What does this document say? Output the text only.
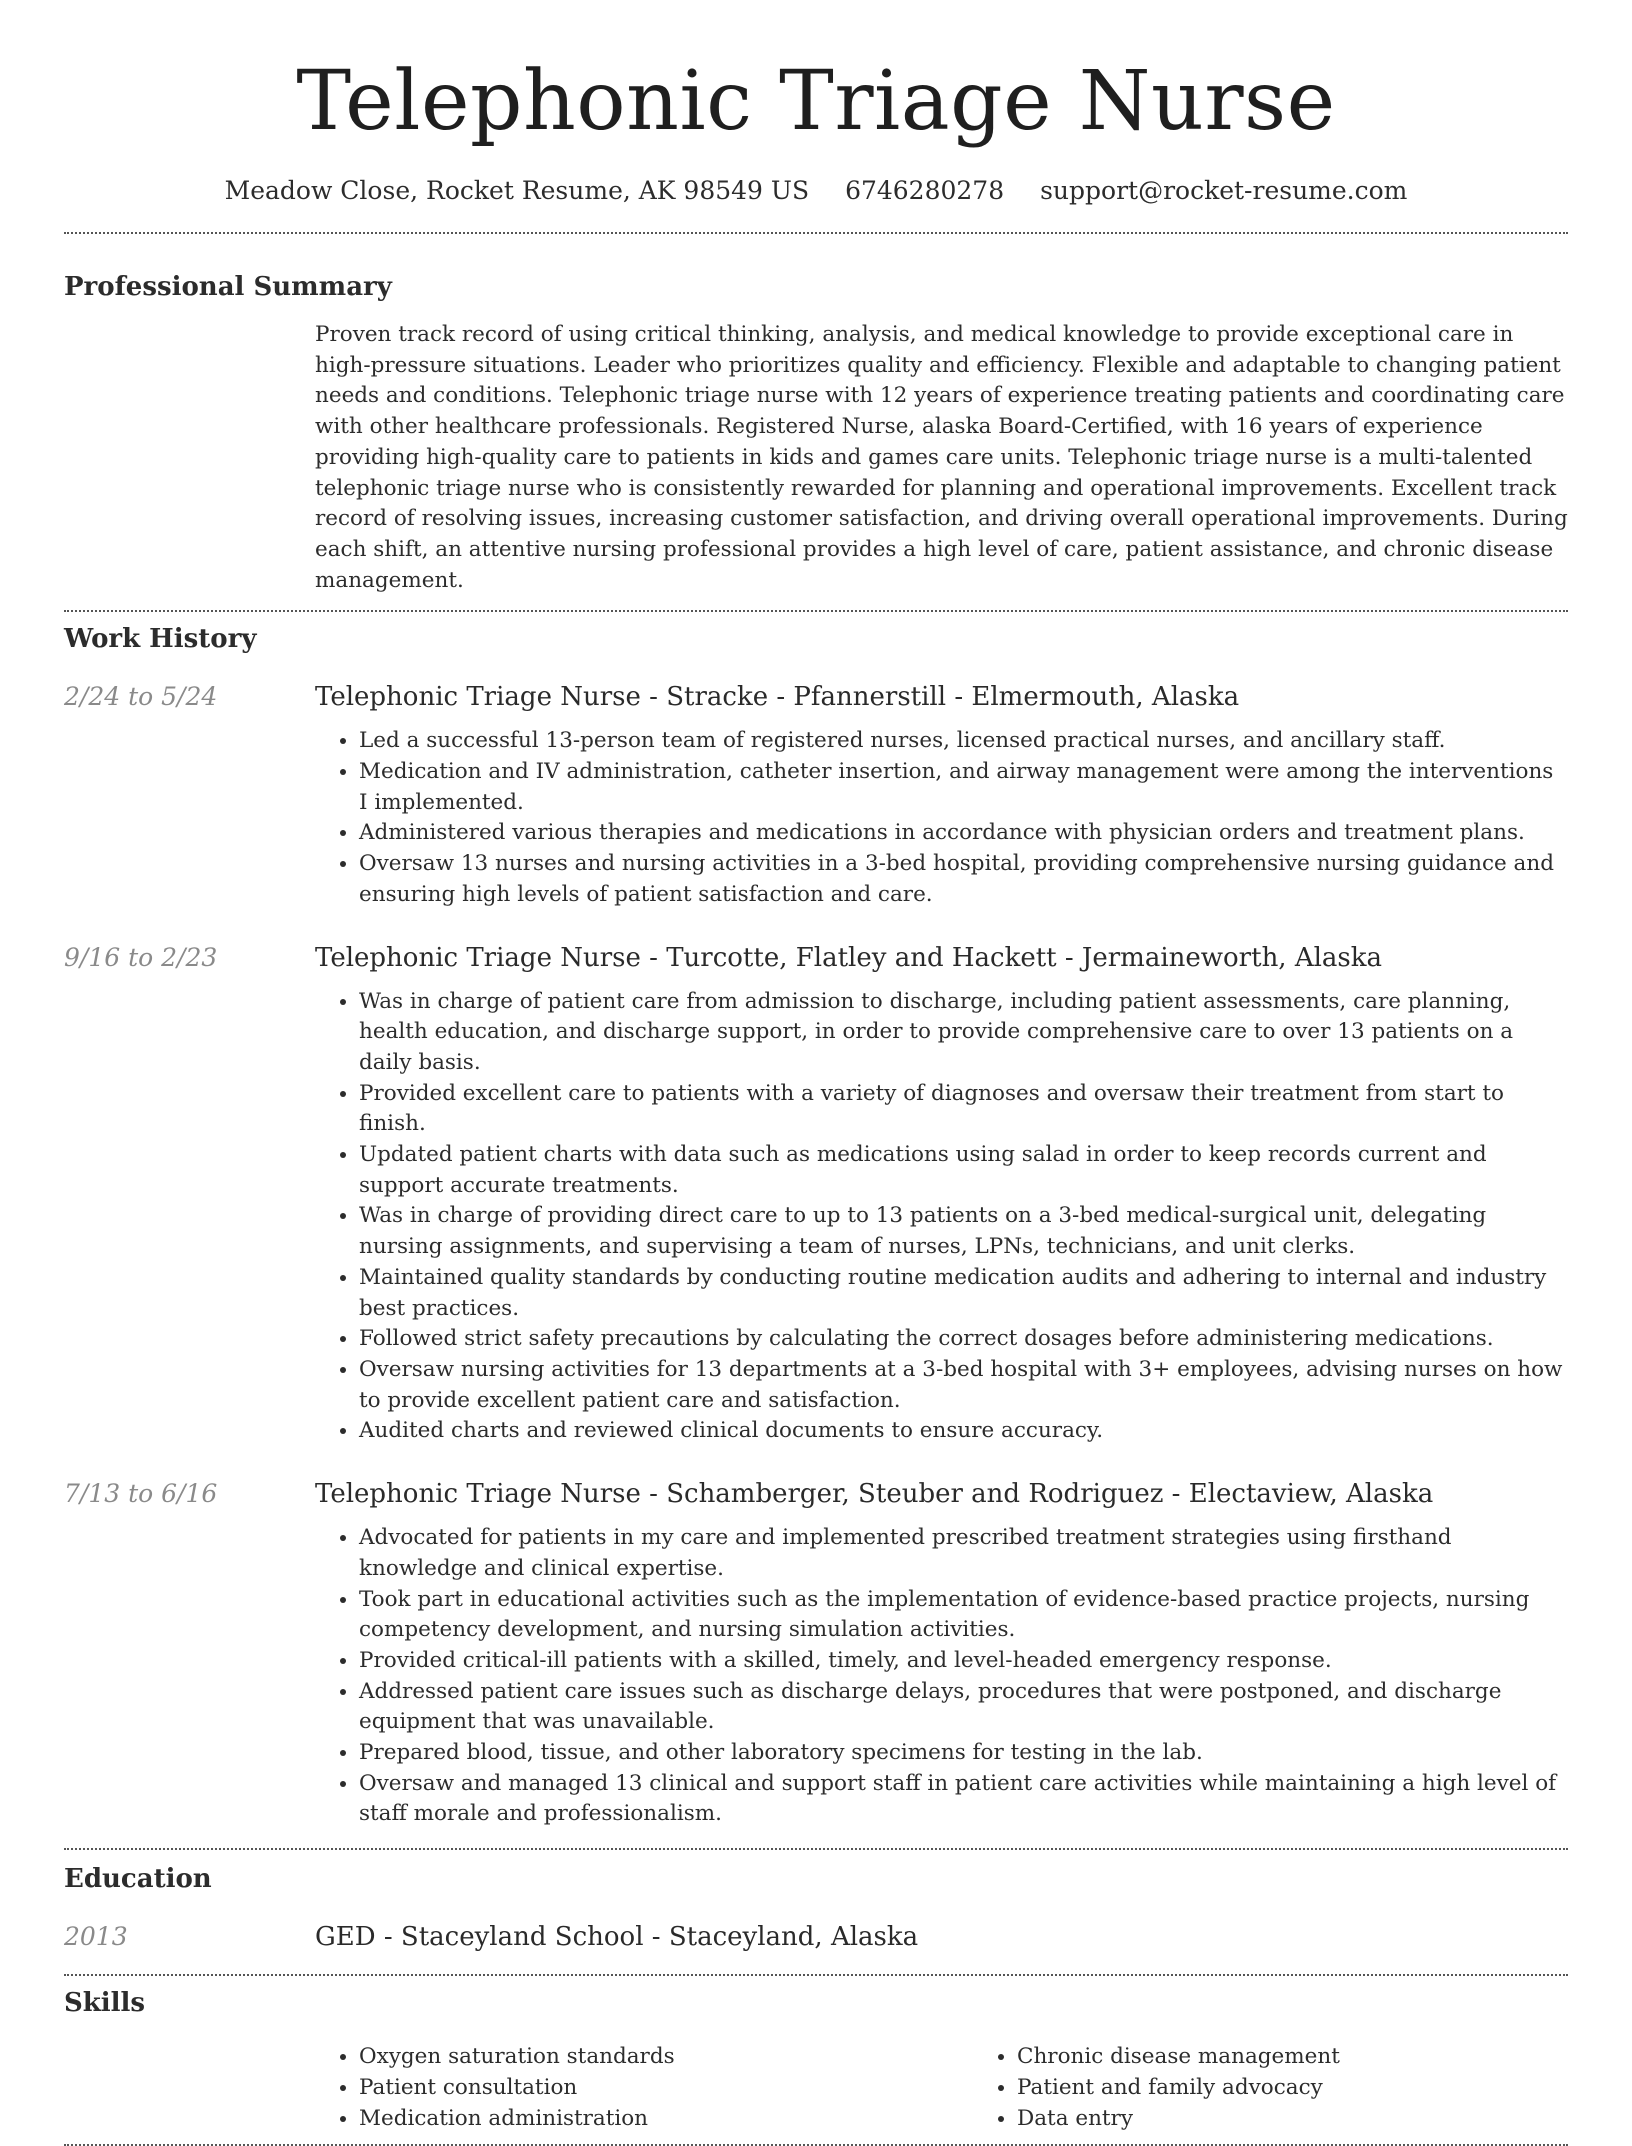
Telephonic Triage Nurse
Meadow Close, Rocket Resume, AK 98549 US 6746280278 support@rocket-resume.com
Professional Summary

Proven track record of using critical thinking, analysis, and medical knowledge to provide exceptional care in high-pressure situations. Leader who prioritizes quality and efficiency. Flexible and adaptable to changing patient needs and conditions. Telephonic triage nurse with 12 years of experience treating patients and coordinating care with other healthcare professionals. Registered Nurse, alaska Board-Certified, with 16 years of experience providing high-quality care to patients in kids and games care units. Telephonic triage nurse is a multi-talented telephonic triage nurse who is consistently rewarded for planning and operational improvements. Excellent track record of resolving issues, increasing customer satisfaction, and driving overall operational improvements. During each shift, an attentive nursing professional provides a high level of care, patient assistance, and chronic disease management.

Work History
2/24 to 5/24	Telephonic Triage Nurse - Stracke - Pfannerstill - Elmermouth, Alaska
• Led a successful 13-person team of registered nurses, licensed practical nurses, and ancillary staff.
• Medication and IV administration, catheter insertion, and airway management were among the interventions I implemented.
• Administered various therapies and medications in accordance with physician orders and treatment plans.
• Oversaw 13 nurses and nursing activities in a 3-bed hospital, providing comprehensive nursing guidance and ensuring high levels of patient satisfaction and care.
9/16 to 2/23	Telephonic Triage Nurse - Turcotte, Flatley and Hackett - Jermaineworth, Alaska
• Was in charge of patient care from admission to discharge, including patient assessments, care planning, health education, and discharge support, in order to provide comprehensive care to over 13 patients on a daily basis.
• Provided excellent care to patients with a variety of diagnoses and oversaw their treatment from start to finish.
• Updated patient charts with data such as medications using salad in order to keep records current and support accurate treatments.
• Was in charge of providing direct care to up to 13 patients on a 3-bed medical-surgical unit, delegating nursing assignments, and supervising a team of nurses, LPNs, technicians, and unit clerks.
• Maintained quality standards by conducting routine medication audits and adhering to internal and industry best practices.
• Followed strict safety precautions by calculating the correct dosages before administering medications.
• Oversaw nursing activities for 13 departments at a 3-bed hospital with 3+ employees, advising nurses on how to provide excellent patient care and satisfaction.
• Audited charts and reviewed clinical documents to ensure accuracy.
7/13 to 6/16	Telephonic Triage Nurse - Schamberger, Steuber and Rodriguez - Electaview, Alaska
• Advocated for patients in my care and implemented prescribed treatment strategies using firsthand knowledge and clinical expertise.
• Took part in educational activities such as the implementation of evidence-based practice projects, nursing competency development, and nursing simulation activities.
• Provided critical-ill patients with a skilled, timely, and level-headed emergency response.
• Addressed patient care issues such as discharge delays, procedures that were postponed, and discharge equipment that was unavailable.
• Prepared blood, tissue, and other laboratory specimens for testing in the lab.
• Oversaw and managed 13 clinical and support staff in patient care activities while maintaining a high level of staff morale and professionalism.
Education
2013	GED - Staceyland School - Staceyland, Alaska
Skills
• Oxygen saturation standards
• Patient consultation
• Medication administration
• Chronic disease management
• Patient and family advocacy
• Data entry
